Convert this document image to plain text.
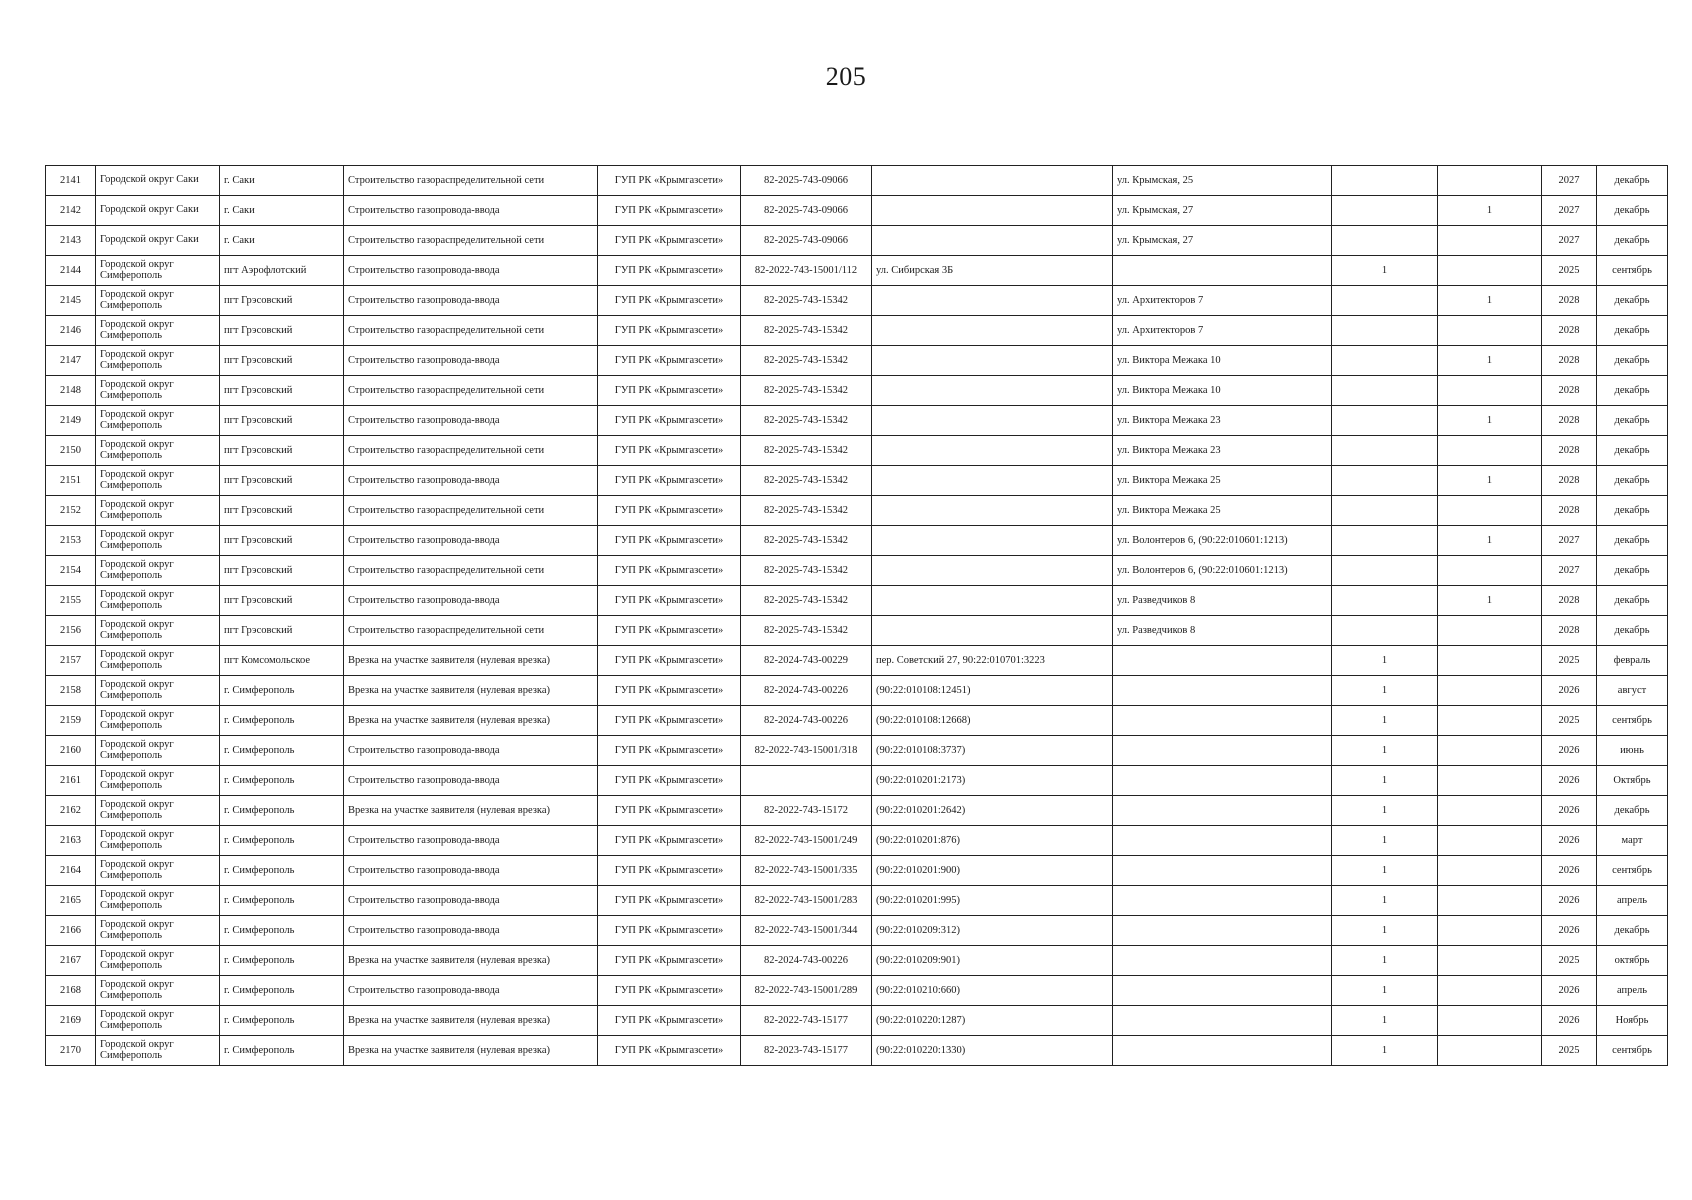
205
2141	Городской округ Саки	г. Саки	Строительство газораспределительной сети	ГУП РК «Крымгазсети»	82-2025-743-09066		ул. Крымская, 25			2027	декабрь
2142	Городской округ Саки	г. Саки	Строительство газопровода-ввода	ГУП РК «Крымгазсети»	82-2025-743-09066		ул. Крымская, 27		1	2027	декабрь
2143	Городской округ Саки	г. Саки	Строительство газораспределительной сети	ГУП РК «Крымгазсети»	82-2025-743-09066		ул. Крымская, 27			2027	декабрь
2144	Городской округ Симферополь	пгт Аэрофлотский	Строительство газопровода-ввода	ГУП РК «Крымгазсети»	82-2022-743-15001/112	ул. Сибирская 3Б		1		2025	сентябрь
2145	Городской округ Симферополь	пгт Грэсовский	Строительство газопровода-ввода	ГУП РК «Крымгазсети»	82-2025-743-15342		ул. Архитекторов 7		1	2028	декабрь
2146	Городской округ Симферополь	пгт Грэсовский	Строительство газораспределительной сети	ГУП РК «Крымгазсети»	82-2025-743-15342		ул. Архитекторов 7			2028	декабрь
2147	Городской округ Симферополь	пгт Грэсовский	Строительство газопровода-ввода	ГУП РК «Крымгазсети»	82-2025-743-15342		ул. Виктора Межака 10		1	2028	декабрь
2148	Городской округ Симферополь	пгт Грэсовский	Строительство газораспределительной сети	ГУП РК «Крымгазсети»	82-2025-743-15342		ул. Виктора Межака 10			2028	декабрь
2149	Городской округ Симферополь	пгт Грэсовский	Строительство газопровода-ввода	ГУП РК «Крымгазсети»	82-2025-743-15342		ул. Виктора Межака 23		1	2028	декабрь
2150	Городской округ Симферополь	пгт Грэсовский	Строительство газораспределительной сети	ГУП РК «Крымгазсети»	82-2025-743-15342		ул. Виктора Межака 23			2028	декабрь
2151	Городской округ Симферополь	пгт Грэсовский	Строительство газопровода-ввода	ГУП РК «Крымгазсети»	82-2025-743-15342		ул. Виктора Межака 25		1	2028	декабрь
2152	Городской округ Симферополь	пгт Грэсовский	Строительство газораспределительной сети	ГУП РК «Крымгазсети»	82-2025-743-15342		ул. Виктора Межака 25			2028	декабрь
2153	Городской округ Симферополь	пгт Грэсовский	Строительство газопровода-ввода	ГУП РК «Крымгазсети»	82-2025-743-15342		ул. Волонтеров 6, (90:22:010601:1213)		1	2027	декабрь
2154	Городской округ Симферополь	пгт Грэсовский	Строительство газораспределительной сети	ГУП РК «Крымгазсети»	82-2025-743-15342		ул. Волонтеров 6, (90:22:010601:1213)			2027	декабрь
2155	Городской округ Симферополь	пгт Грэсовский	Строительство газопровода-ввода	ГУП РК «Крымгазсети»	82-2025-743-15342		ул. Разведчиков 8		1	2028	декабрь
2156	Городской округ Симферополь	пгт Грэсовский	Строительство газораспределительной сети	ГУП РК «Крымгазсети»	82-2025-743-15342		ул. Разведчиков 8			2028	декабрь
2157	Городской округ Симферополь	пгт Комсомольское	Врезка на участке заявителя (нулевая врезка)	ГУП РК «Крымгазсети»	82-2024-743-00229	пер. Советский 27, 90:22:010701:3223		1		2025	февраль
2158	Городской округ Симферополь	г. Симферополь	Врезка на участке заявителя (нулевая врезка)	ГУП РК «Крымгазсети»	82-2024-743-00226	(90:22:010108:12451)		1		2026	август
2159	Городской округ Симферополь	г. Симферополь	Врезка на участке заявителя (нулевая врезка)	ГУП РК «Крымгазсети»	82-2024-743-00226	(90:22:010108:12668)		1		2025	сентябрь
2160	Городской округ Симферополь	г. Симферополь	Строительство газопровода-ввода	ГУП РК «Крымгазсети»	82-2022-743-15001/318	(90:22:010108:3737)		1		2026	июнь
2161	Городской округ Симферополь	г. Симферополь	Строительство газопровода-ввода	ГУП РК «Крымгазсети»		(90:22:010201:2173)		1		2026	Октябрь
2162	Городской округ Симферополь	г. Симферополь	Врезка на участке заявителя (нулевая врезка)	ГУП РК «Крымгазсети»	82-2022-743-15172	(90:22:010201:2642)		1		2026	декабрь
2163	Городской округ Симферополь	г. Симферополь	Строительство газопровода-ввода	ГУП РК «Крымгазсети»	82-2022-743-15001/249	(90:22:010201:876)		1		2026	март
2164	Городской округ Симферополь	г. Симферополь	Строительство газопровода-ввода	ГУП РК «Крымгазсети»	82-2022-743-15001/335	(90:22:010201:900)		1		2026	сентябрь
2165	Городской округ Симферополь	г. Симферополь	Строительство газопровода-ввода	ГУП РК «Крымгазсети»	82-2022-743-15001/283	(90:22:010201:995)		1		2026	апрель
2166	Городской округ Симферополь	г. Симферополь	Строительство газопровода-ввода	ГУП РК «Крымгазсети»	82-2022-743-15001/344	(90:22:010209:312)		1		2026	декабрь
2167	Городской округ Симферополь	г. Симферополь	Врезка на участке заявителя (нулевая врезка)	ГУП РК «Крымгазсети»	82-2024-743-00226	(90:22:010209:901)		1		2025	октябрь
2168	Городской округ Симферополь	г. Симферополь	Строительство газопровода-ввода	ГУП РК «Крымгазсети»	82-2022-743-15001/289	(90:22:010210:660)		1		2026	апрель
2169	Городской округ Симферополь	г. Симферополь	Врезка на участке заявителя (нулевая врезка)	ГУП РК «Крымгазсети»	82-2022-743-15177	(90:22:010220:1287)		1		2026	Ноябрь
2170	Городской округ Симферополь	г. Симферополь	Врезка на участке заявителя (нулевая врезка)	ГУП РК «Крымгазсети»	82-2023-743-15177	(90:22:010220:1330)		1		2025	сентябрь
